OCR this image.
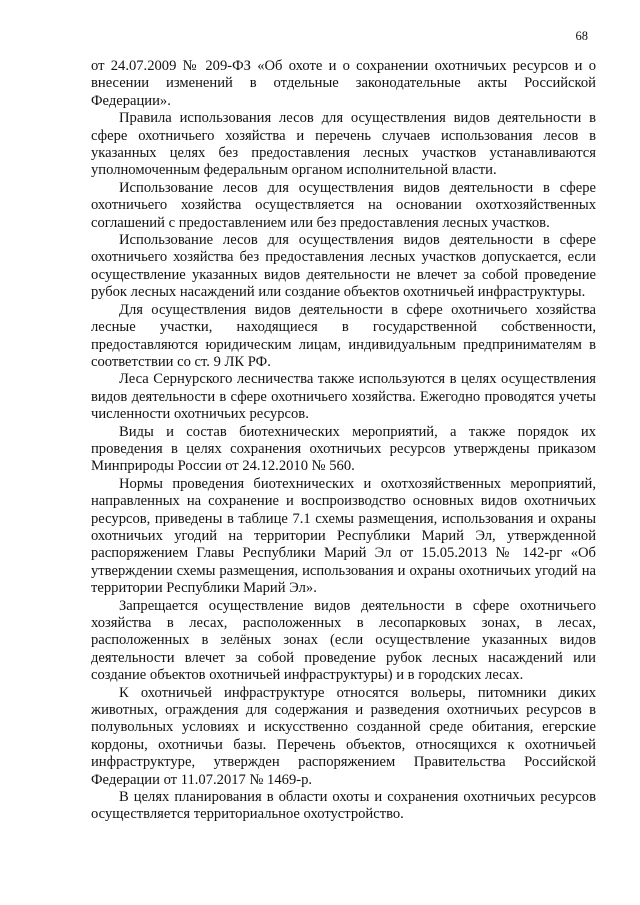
68

от 24.07.2009 № 209-ФЗ «Об охоте и о сохранении охотничьих ресурсов и о внесении изменений в отдельные законодательные акты Российской Федерации».

Правила использования лесов для осуществления видов деятельности в сфере охотничьего хозяйства и перечень случаев использования лесов в указанных целях без предоставления лесных участков устанавливаются уполномоченным федеральным органом исполнительной власти.

Использование лесов для осуществления видов деятельности в сфере охотничьего хозяйства осуществляется на основании охотхозяйственных соглашений с предоставлением или без предоставления лесных участков.

Использование лесов для осуществления видов деятельности в сфере охотничьего хозяйства без предоставления лесных участков допускается, если осуществление указанных видов деятельности не влечет за собой проведение рубок лесных насаждений или создание объектов охотничьей инфраструктуры.

Для осуществления видов деятельности в сфере охотничьего хозяйства лесные участки, находящиеся в государственной собственности, предоставляются юридическим лицам, индивидуальным предпринимателям в соответствии со ст. 9 ЛК РФ.

Леса Сернурского лесничества также используются в целях осуществления видов деятельности в сфере охотничьего хозяйства. Ежегодно проводятся учеты численности охотничьих ресурсов.

Виды и состав биотехнических мероприятий, а также порядок их проведения в целях сохранения охотничьих ресурсов утверждены приказом Минприроды России от 24.12.2010 № 560.

Нормы проведения биотехнических и охотхозяйственных мероприятий, направленных на сохранение и воспроизводство основных видов охотничьих ресурсов, приведены в таблице 7.1 схемы размещения, использования и охраны охотничьих угодий на территории Республики Марий Эл, утвержденной распоряжением Главы Республики Марий Эл от 15.05.2013 № 142-рг «Об утверждении схемы размещения, использования и охраны охотничьих угодий на территории Республики Марий Эл».

Запрещается осуществление видов деятельности в сфере охотничьего хозяйства в лесах, расположенных в лесопарковых зонах, в лесах, расположенных в зелёных зонах (если осуществление указанных видов деятельности влечет за собой проведение рубок лесных насаждений или создание объектов охотничьей инфраструктуры) и в городских лесах.

К охотничьей инфраструктуре относятся вольеры, питомники диких животных, ограждения для содержания и разведения охотничьих ресурсов в полувольных условиях и искусственно созданной среде обитания, егерские кордоны, охотничьи базы. Перечень объектов, относящихся к охотничьей инфраструктуре, утвержден распоряжением Правительства Российской Федерации от 11.07.2017 № 1469-р.

В целях планирования в области охоты и сохранения охотничьих ресурсов осуществляется территориальное охотустройство.
